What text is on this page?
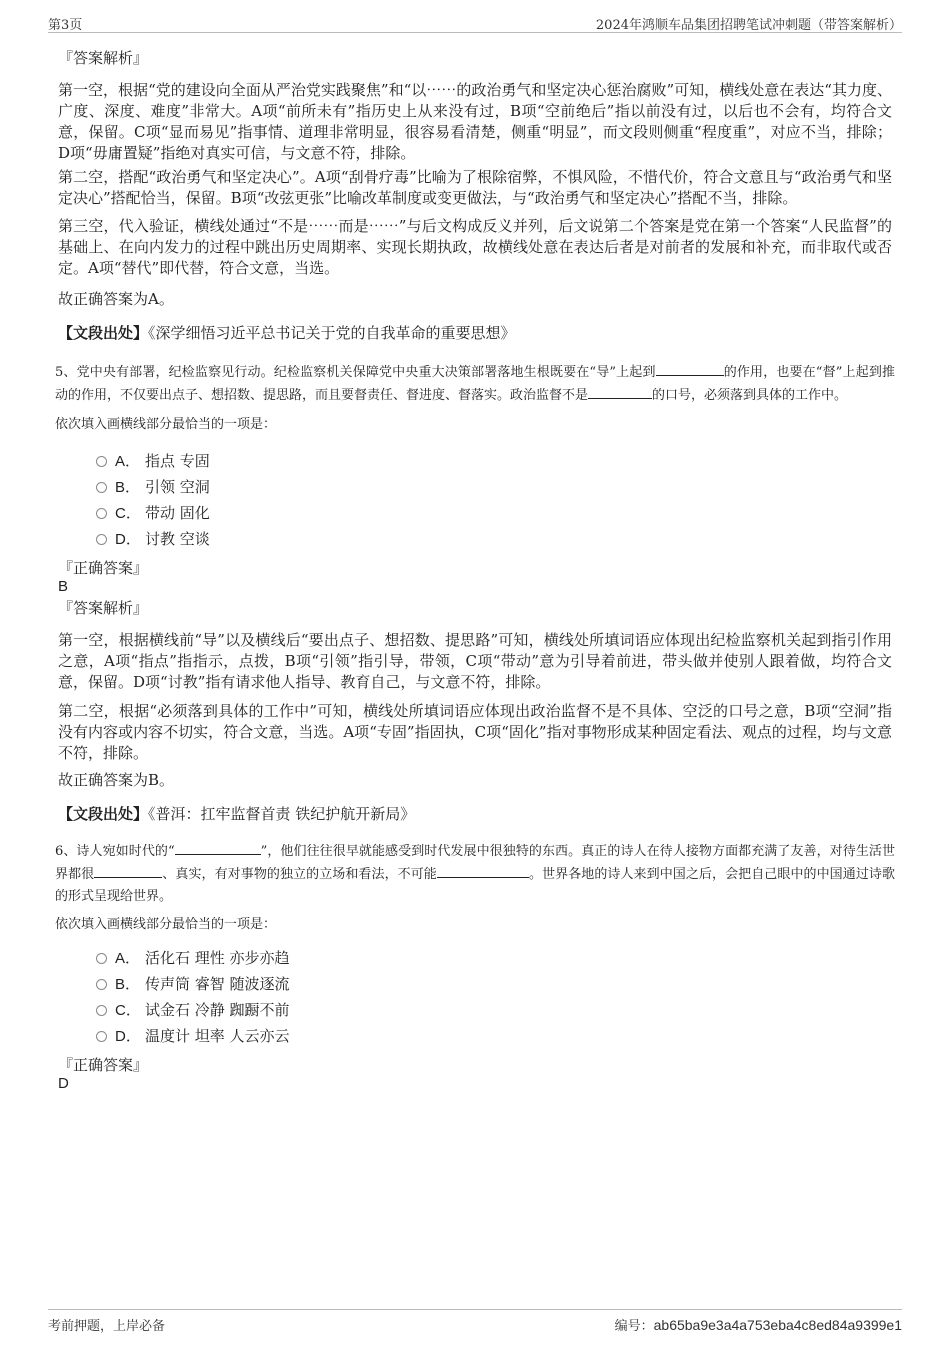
第3页	2024年鸿顺车品集团招聘笔试冲刺题（带答案解析）
『答案解析』
第一空，根据“党的建设向全面从严治党实践聚焦”和“以⋯⋯的政治勇气和坚定决心惩治腐败”可知，横线处意在表达“其力度、广度、深度、难度”非常大。A项“前所未有”指历史上从来没有过，B项“空前绝后”指以前没有过，以后也不会有，均符合文意，保留。C项“显而易见”指事情、道理非常明显，很容易看清楚，侧重“明显”，而文段则侧重“程度重”，对应不当，排除；D项“毋庸置疑”指绝对真实可信，与文意不符，排除。
第二空，搭配“政治勇气和坚定决心”。A项“刮骨疗毒”比喻为了根除宿弊，不惧风险，不惜代价，符合文意且与“政治勇气和坚定决心”搭配恰当，保留。B项“改弦更张”比喻改革制度或变更做法，与“政治勇气和坚定决心”搭配不当，排除。
第三空，代入验证，横线处通过“不是⋯⋯而是⋯⋯”与后文构成反义并列，后文说第二个答案是党在第一个答案“人民监督”的基础上、在向内发力的过程中跳出历史周期率、实现长期执政，故横线处意在表达后者是对前者的发展和补充，而非取代或否定。A项“替代”即代替，符合文意，当选。
故正确答案为A。
【文段出处】《深学细悟习近平总书记关于党的自我革命的重要思想》
5、党中央有部署，纪检监察见行动。纪检监察机关保障党中央重大决策部署落地生根既要在“导”上起到	的作用，也要在“督”上起到推动的作用，不仅要出点子、想招数、提思路，而且要督责任、督进度、督落实。政治监督不是	的口号，必须落到具体的工作中。
依次填入画横线部分最恰当的一项是：
A． 指点 专固
B． 引领 空洞
C． 带动 固化
D． 讨教 空谈
『正确答案』
B
『答案解析』
第一空，根据横线前“导”以及横线后“要出点子、想招数、提思路”可知，横线处所填词语应体现出纪检监察机关起到指引作用之意，A项“指点”指指示，点拨，B项“引领”指引导，带领，C项“带动”意为引导着前进，带头做并使别人跟着做，均符合文意，保留。D项“讨教”指有请求他人指导、教育自己，与文意不符，排除。
第二空，根据“必须落到具体的工作中”可知，横线处所填词语应体现出政治监督不是不具体、空泛的口号之意，B项“空洞”指没有内容或内容不切实，符合文意，当选。A项“专固”指固执，C项“固化”指对事物形成某种固定看法、观点的过程，均与文意不符，排除。
故正确答案为B。
【文段出处】《普洱：扛牢监督首责 铁纪护航开新局》
6、诗人宛如时代的“	”，他们往往很早就能感受到时代发展中很独特的东西。真正的诗人在待人接物方面都充满了友善，对待生活世界都很	、真实，有对事物的独立的立场和看法，不可能	。世界各地的诗人来到中国之后，会把自己眼中的中国通过诗歌的形式呈现给世界。
依次填入画横线部分最恰当的一项是：
A． 活化石 理性 亦步亦趋
B． 传声筒 睿智 随波逐流
C． 试金石 冷静 踟蹰不前
D． 温度计 坦率 人云亦云
『正确答案』
D
考前押题，上岸必备	编号：ab65ba9e3a4a753eba4c8ed84a9399e1
